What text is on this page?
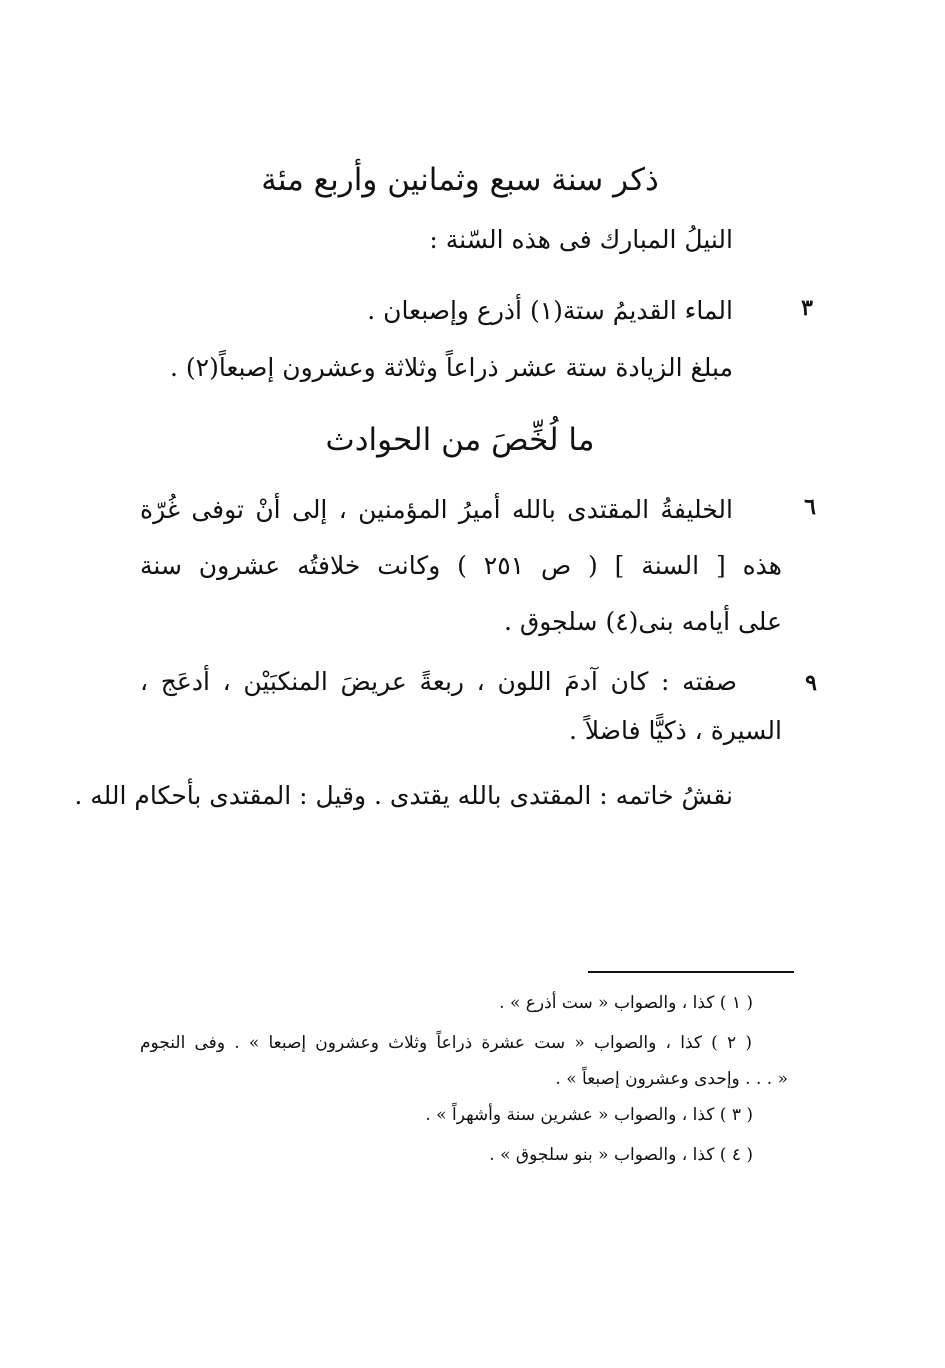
ذكر سنة سبع وثمانين وأربع مئة
النيلُ المبارك فى هذه السّنة :
٣
الماء القديمُ ستة(١) أذرع وإصبعان .
مبلغ الزيادة ستة عشر ذراعاً وثلاثة وعشرون إصبعاً(٢) .
ما لُخِّصَ من الحوادث
٦
الخليفةُ المقتدى بالله أميرُ المؤمنين ، إلى أنْ توفى غُرّة
هذه [ السنة ] ( ص ٢٥١ ) وكانت خلافتُه عشرون سنة
على أيامه بنى(٤) سلجوق .
٩
صفته : كان آدمَ اللون ، ربعةً عريضَ المنكبَيْن ، أدعَج ،
السيرة ، ذكيًّا فاضلاً .
نقشُ خاتمه : المقتدى بالله يقتدى . وقيل : المقتدى بأحكام الله .
( ١ ) كذا ، والصواب « ست أذرع » .
( ٢ ) كذا ، والصواب « ست عشرة ذراعاً وثلاث وعشرون إصبعا » . وفى النجوم
« . . . وإحدى وعشرون إصبعاً » .
( ٣ ) كذا ، والصواب « عشرين سنة وأشهراً » .
( ٤ ) كذا ، والصواب « بنو سلجوق » .
